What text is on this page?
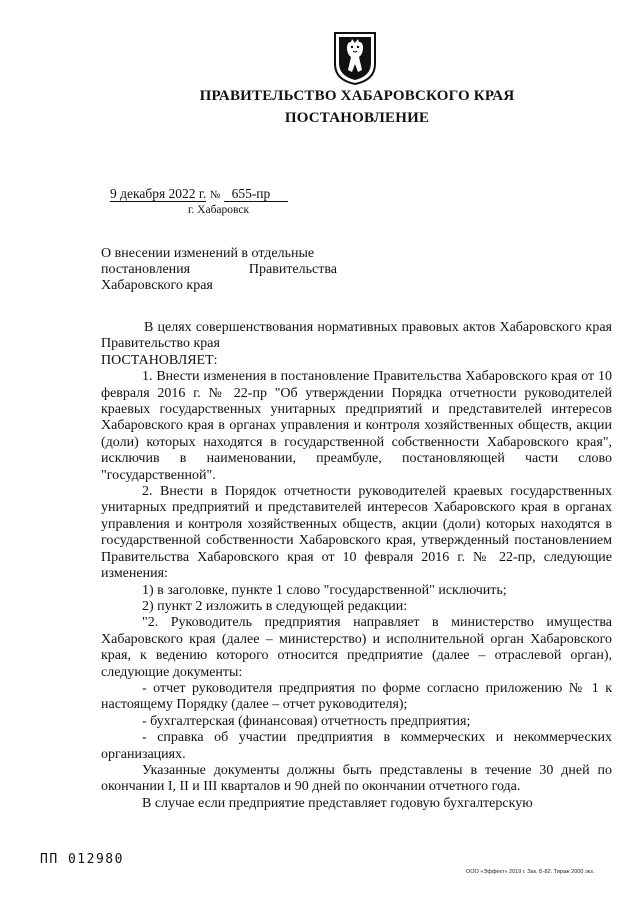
ПРАВИТЕЛЬСТВО ХАБАРОВСКОГО КРАЯ
ПОСТАНОВЛЕНИЕ
9 декабря 2022 г. № 655-пр
г. Хабаровск
О внесении изменений в отдельные
постановления	Правительства
Хабаровского края

В целях совершенствования нормативных правовых актов Хабаровского края Правительство края

ПОСТАНОВЛЯЕТ:

1. Внести изменения в постановление Правительства Хабаровского края от 10 февраля 2016 г. № 22-пр "Об утверждении Порядка отчетности руководителей краевых государственных унитарных предприятий и представителей интересов Хабаровского края в органах управления и контроля хозяйственных обществ, акции (доли) которых находятся в государственной собственности Хабаровского края", исключив в наименовании, преамбуле, постановляющей части слово "государственной".

2. Внести в Порядок отчетности руководителей краевых государственных унитарных предприятий и представителей интересов Хабаровского края в органах управления и контроля хозяйственных обществ, акции (доли) которых находятся в государственной собственности Хабаровского края, утвержденный постановлением Правительства Хабаровского края от 10 февраля 2016 г. № 22-пр, следующие изменения:

1) в заголовке, пункте 1 слово "государственной" исключить;

2) пункт 2 изложить в следующей редакции:

"2. Руководитель предприятия направляет в министерство имущества Хабаровского края (далее – министерство) и исполнительной орган Хабаровского края, к ведению которого относится предприятие (далее – отраслевой орган), следующие документы:

- отчет руководителя предприятия по форме согласно приложению № 1 к настоящему Порядку (далее – отчет руководителя);

- бухгалтерская (финансовая) отчетность предприятия;

- справка об участии предприятия в коммерческих и некоммерческих организациях.

Указанные документы должны быть представлены в течение 30 дней по окончании I, II и III кварталов и 90 дней по окончании отчетного года.

В случае если предприятие представляет годовую бухгалтерскую

ПП 012980
ООО «Эффект» 2019 г. Зак. Б-82. Тираж 2000 экз.
